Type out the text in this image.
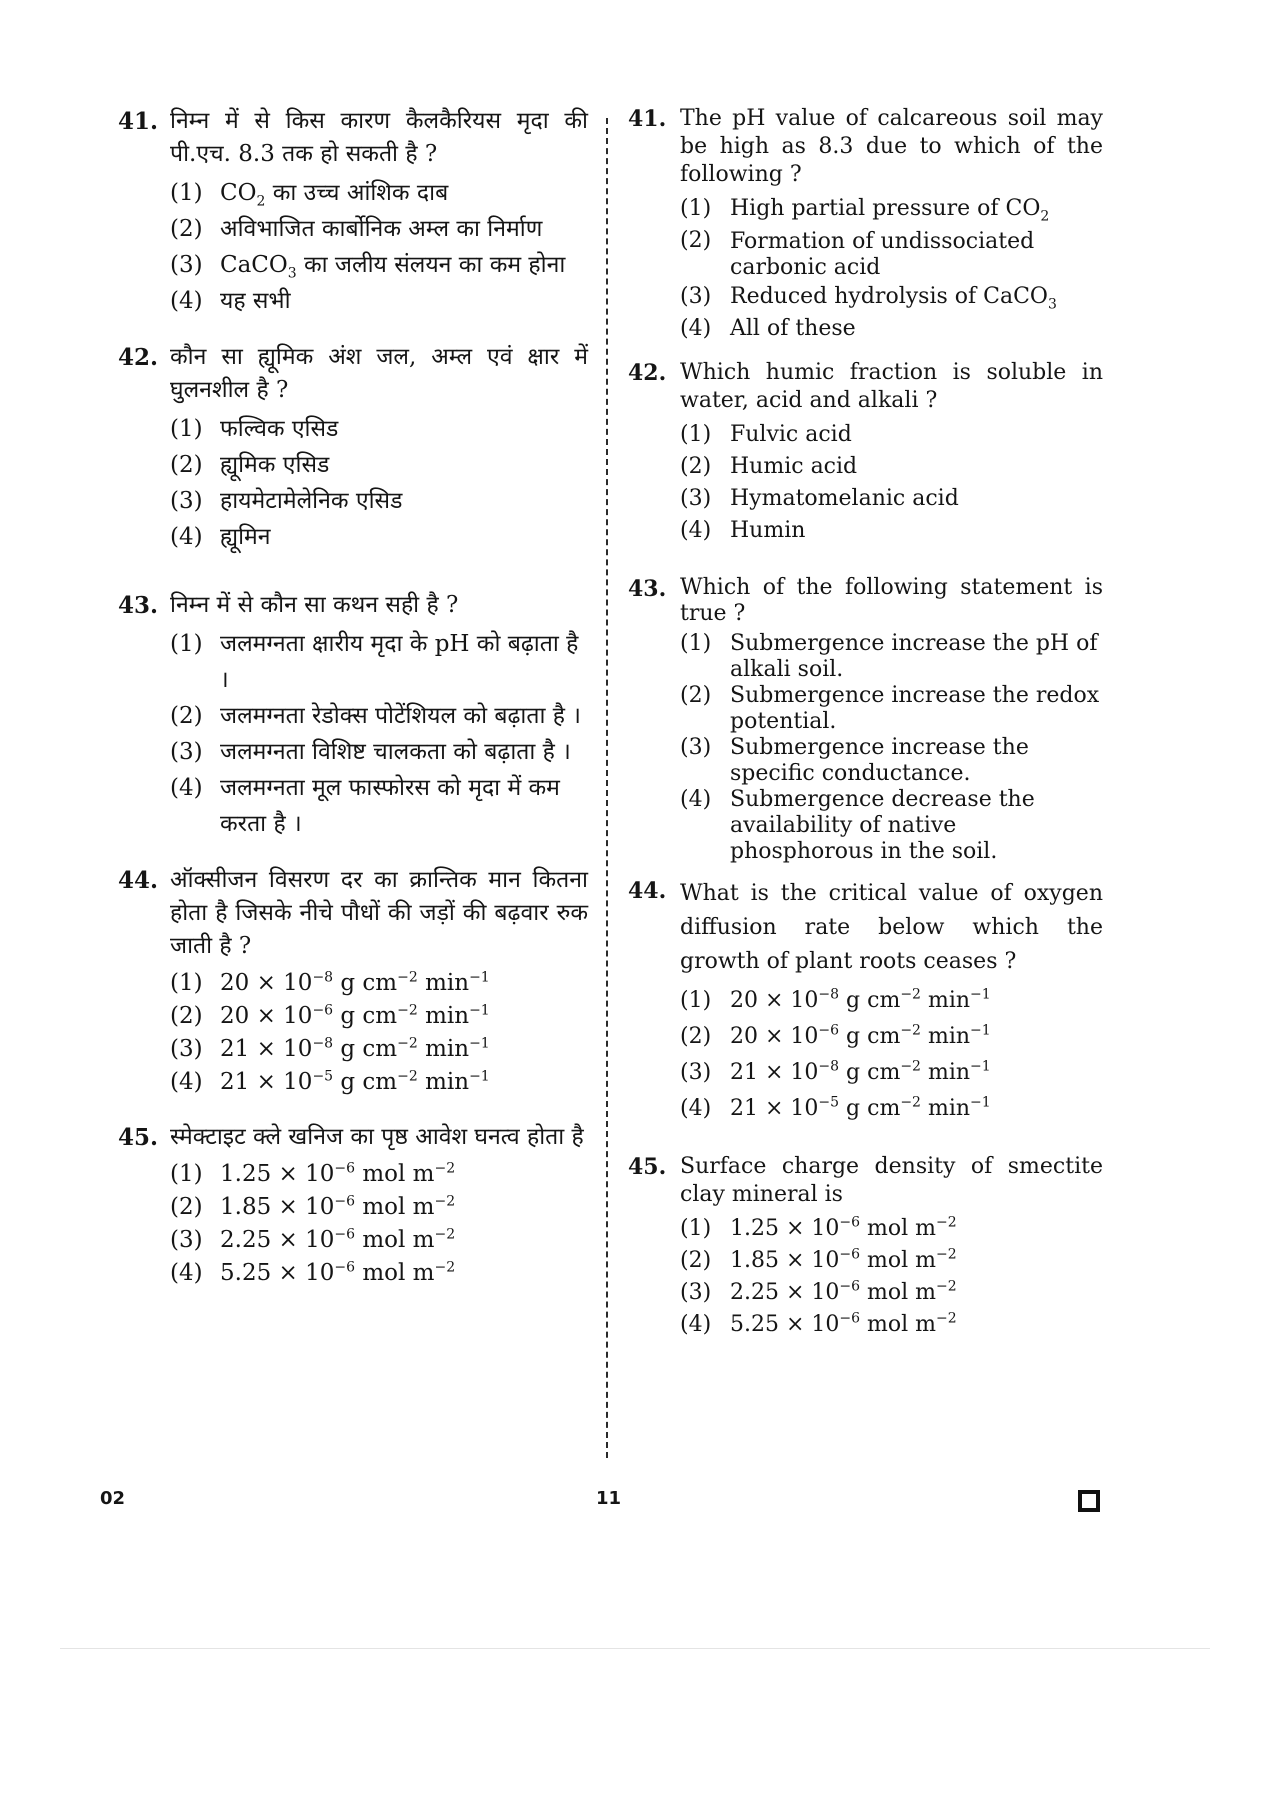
41. निम्न में से किस कारण कैलकैरियस मृदा की पी.एच. 8.3 तक हो सकती है ?
(1) $CO_2$ का उच्च आंशिक दाब
(2) अविभाजित कार्बोनिक अम्ल का निर्माण
(3) CaCO$_3$ का जलीय संलयन का कम होना
(4) यह सभी
42. कौन सा ह्यूमिक अंश जल, अम्ल एवं क्षार में घुलनशील है ?
(1) फल्विक एसिड
(2) ह्यूमिक एसिड
(3) हायमेटामेलेनिक एसिड
(4) ह्यूमिन
43. निम्न में से कौन सा कथन सही है ?
(1) जलमग्नता क्षारीय मृदा के pH को बढ़ाता है ।
(2) जलमग्नता रेडोक्स पोटेंशियल को बढ़ाता है ।
(3) जलमग्नता विशिष्ट चालकता को बढ़ाता है ।
(4) जलमग्नता मूल फास्फोरस को मृदा में कम करता है ।
44. ऑक्सीजन विसरण दर का क्रान्तिक मान कितना होता है जिसके नीचे पौधों की जड़ों की बढ़वार रुक जाती है ?
(1) $20 \times 10^{-8}$ g $cm^{-2}$ $\min^{-1}$
(2) $20 \times 10^{-6}$ g $cm^{-2}$ $\min^{-1}$
(3) $21 \times 10^{-8}$ g $cm^{-2}$ $\min^{-1}$
(4) $21 \times 10^{-5}$ g $cm^{-2}$ $\min^{-1}$
45. स्मेक्टाइट क्ले खनिज का पृष्ठ आवेश घनत्व होता है
(1) $1.25 \times 10^{-6}$ mol $m^{-2}$
(2) $1.85 \times 10^{-6}$ mol $m^{-2}$
(3) $2.25 \times 10^{-6}$ mol $m^{-2}$
(4) $5.25 \times 10^{-6}$ mol $m^{-2}$
41. The pH value of calcareous soil may be high as 8.3 due to which of the following ?
(1) High partial pressure of $CO_2$
(2) Formation of undissociated carbonic acid
(3) Reduced hydrolysis of CaCO$_3$
(4) All of these
42. Which humic fraction is soluble in water, acid and alkali ?
(1) Fulvic acid
(2) Humic acid
(3) Hymatomelanic acid
(4) Humin
43. Which of the following statement is true ?
(1) Submergence increase the pH of alkali soil.
(2) Submergence increase the redox potential.
(3) Submergence increase the specific conductance.
(4) Submergence decrease the availability of native phosphorous in the soil.
44. What is the critical value of oxygen diffusion rate below which the growth of plant roots ceases ?
(1) $20 \times 10^{-8}$ g $cm^{-2}$ $\min^{-1}$
(2) $20 \times 10^{-6}$ g $cm^{-2}$ $\min^{-1}$
(3) $21 \times 10^{-8}$ g $cm^{-2}$ $\min^{-1}$
(4) $21 \times 10^{-5}$ g $cm^{-2}$ $\min^{-1}$
45. Surface charge density of smectite clay mineral is
(1) $1.25 \times 10^{-6}$ mol $m^{-2}$
(2) $1.85 \times 10^{-6}$ mol $m^{-2}$
(3) $2.25 \times 10^{-6}$ mol $m^{-2}$
(4) $5.25 \times 10^{-6}$ mol $m^{-2}$
02	11
